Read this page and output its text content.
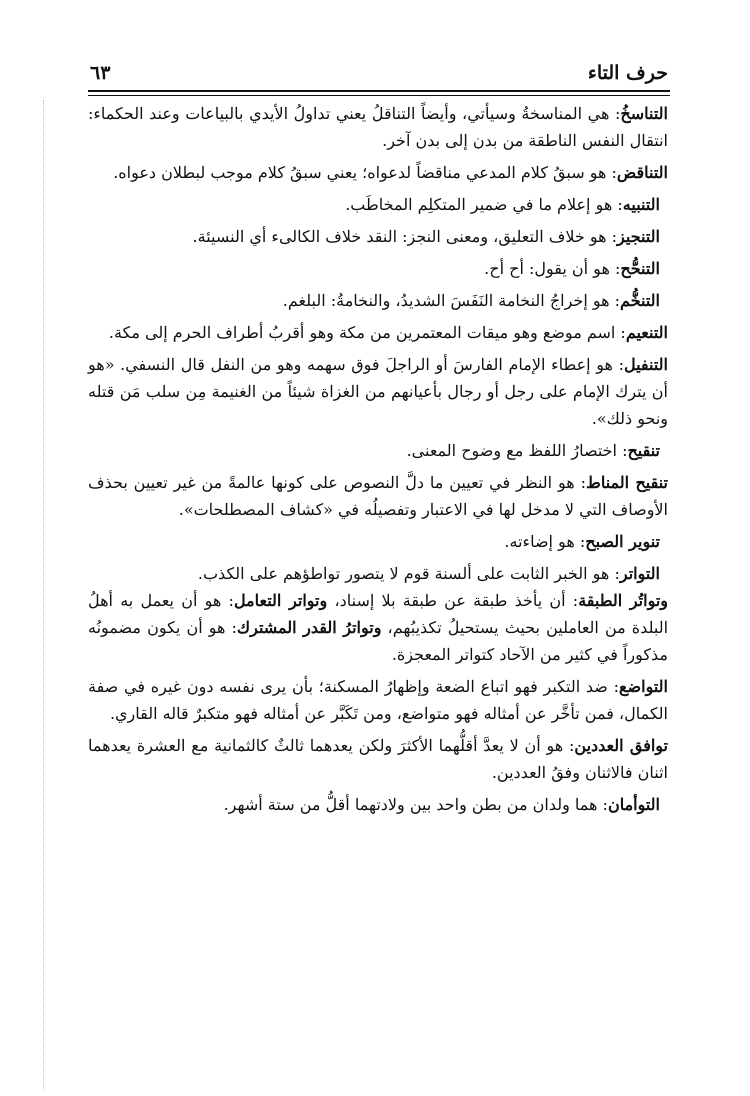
حرف التاء
٦٣

التناسخُ: هي المناسخةُ وسيأتي، وأيضاً التناقلُ يعني تداولُ الأيدي بالبياعات وعند الحكماء: انتقال النفس الناطقة من بدن إلى بدن آخر.

التناقض: هو سبقُ كلام المدعي مناقضاً لدعواه؛ يعني سبقُ كلام موجب لبطلان دعواه.

التنبيه: هو إعلام ما في ضمير المتكلِم المخاطَب.

التنجيز: هو خلاف التعليق، ومعنى النجز: النقد خلاف الكالىء أي النسيئة.

التنحُّح: هو أن يقول: أح أح.

التنخُّم: هو إخراجُ النخامة النَفَسَ الشديدُ، والنخامةُ: البلغم.

التنعيم: اسم موضع وهو ميقات المعتمرين من مكة وهو أقربُ أطراف الحرم إلى مكة.

التنفيل: هو إعطاء الإمام الفارسَ أو الراجلَ فوق سهمه وهو من النفل قال النسفي. «هو أن يترك الإمام على رجل أو رجال بأعيانهم من الغزاة شيئاً من الغنيمة مِن سلب مَن قتله ونحو ذلك».

تنقيح: اختصارُ اللفظ مع وضوح المعنى.

تنقيح المناط: هو النظر في تعيين ما دلَّ النصوص على كونها عالمةً من غير تعيين بحذف الأوصاف التي لا مدخل لها في الاعتبار وتفصيلُه في «كشاف المصطلحات».

تنوير الصبح: هو إضاءته.

التواتر: هو الخبر الثابت على ألسنة قوم لا يتصور تواطؤهم على الكذب.

وتواتُر الطبقة: أن يأخذ طبقة عن طبقة بلا إسناد، وتواتر التعامل: هو أن يعمل به أهلُ البلدة من العاملين بحيث يستحيلُ تكذيبُهم، وتواترُ القدر المشترك: هو أن يكون مضمونُه مذكوراً في كثير من الآحاد كتواتر المعجزة.

التواضع: ضد التكبر فهو اتباع الضعة وإظهارُ المسكنة؛ بأن يرى نفسه دون غيره في صفة الكمال، فمن تأخَّر عن أمثاله فهو متواضع، ومن تَكَبَّر عن أمثاله فهو متكبرٌ قاله القاري.

توافق العددين: هو أن لا يعدَّ أقلُّهما الأكثرَ ولكن يعدهما ثالثٌ كالثمانية مع العشرة يعدهما اثنان فالاثنان وفقُ العددين.

التوأمان: هما ولدان من بطن واحد بين ولادتهما أقلُّ من ستة أشهر.
